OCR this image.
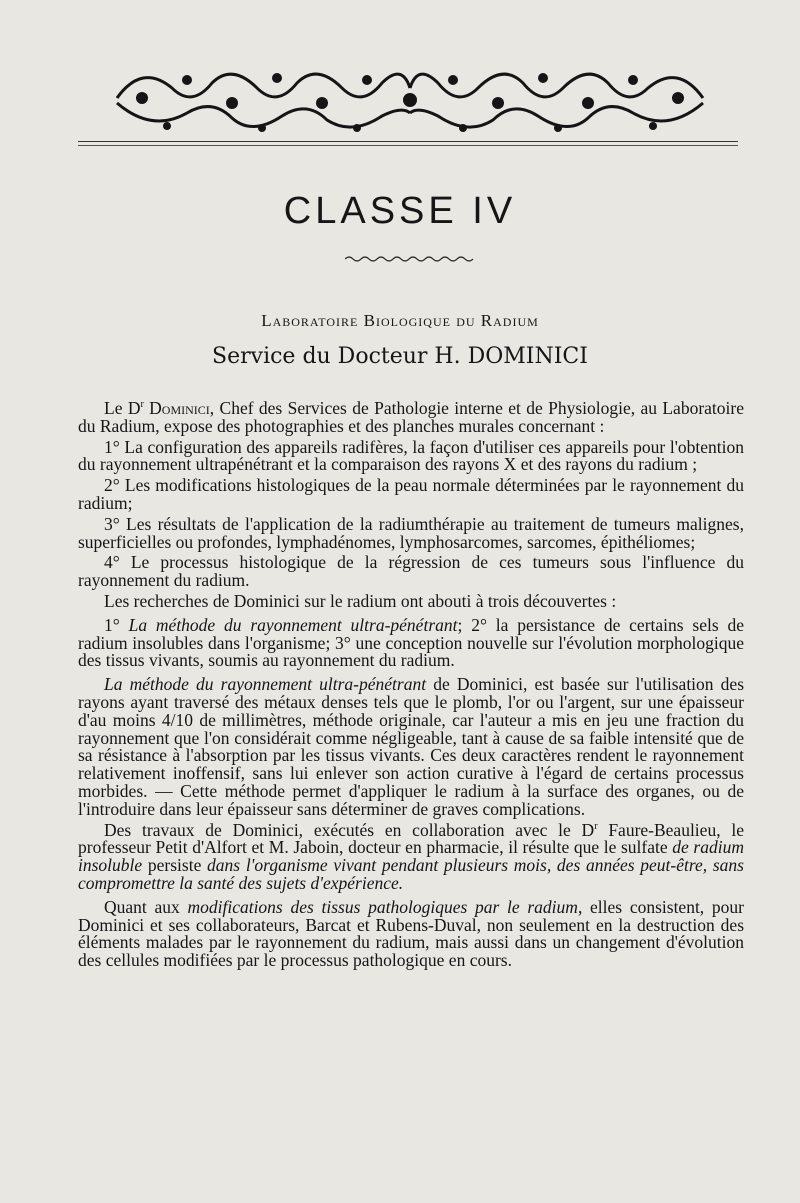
CLASSE IV
Laboratoire Biologique du Radium
Service du Docteur H. DOMINICI

Le $D^r$ Dominici, Chef des Services de Pathologie interne et de Physiologie, au Laboratoire du Radium, expose des photographies et des planches murales concernant :

1° La configuration des appareils radifères, la façon d'utiliser ces appareils pour l'obtention du rayonnement ultrapénétrant et la comparaison des rayons X et des rayons du radium ;

2° Les modifications histologiques de la peau normale déterminées par le rayonnement du radium;

3° Les résultats de l'application de la radiumthérapie au traitement de tumeurs malignes, superficielles ou profondes, lymphadénomes, lymphosarcomes, sarcomes, épithéliomes;

4° Le processus histologique de la régression de ces tumeurs sous l'influence du rayonnement du radium.

Les recherches de Dominici sur le radium ont abouti à trois découvertes :

1° La méthode du rayonnement ultra-pénétrant; 2° la persistance de certains sels de radium insolubles dans l'organisme; 3° une conception nouvelle sur l'évolution morphologique des tissus vivants, soumis au rayonnement du radium.

La méthode du rayonnement ultra-pénétrant de Dominici, est basée sur l'utilisation des rayons ayant traversé des métaux denses tels que le plomb, l'or ou l'argent, sur une épaisseur d'au moins 4/10 de millimètres, méthode originale, car l'auteur a mis en jeu une fraction du rayonnement que l'on considérait comme négligeable, tant à cause de sa faible intensité que de sa résistance à l'absorption par les tissus vivants. Ces deux caractères rendent le rayonnement relativement inoffensif, sans lui enlever son action curative à l'égard de certains processus morbides. — Cette méthode permet d'appliquer le radium à la surface des organes, ou de l'introduire dans leur épaisseur sans déterminer de graves complications.

Des travaux de Dominici, exécutés en collaboration avec le $D^r$ Faure-Beaulieu, le professeur Petit d'Alfort et M. Jaboin, docteur en pharmacie, il résulte que le sulfate de radium insoluble persiste dans l'organisme vivant pendant plusieurs mois, des années peut-être, sans compromettre la santé des sujets d'expérience.

Quant aux modifications des tissus pathologiques par le radium, elles consistent, pour Dominici et ses collaborateurs, Barcat et Rubens-Duval, non seulement en la destruction des éléments malades par le rayonnement du radium, mais aussi dans un changement d'évolution des cellules modifiées par le processus pathologique en cours.
